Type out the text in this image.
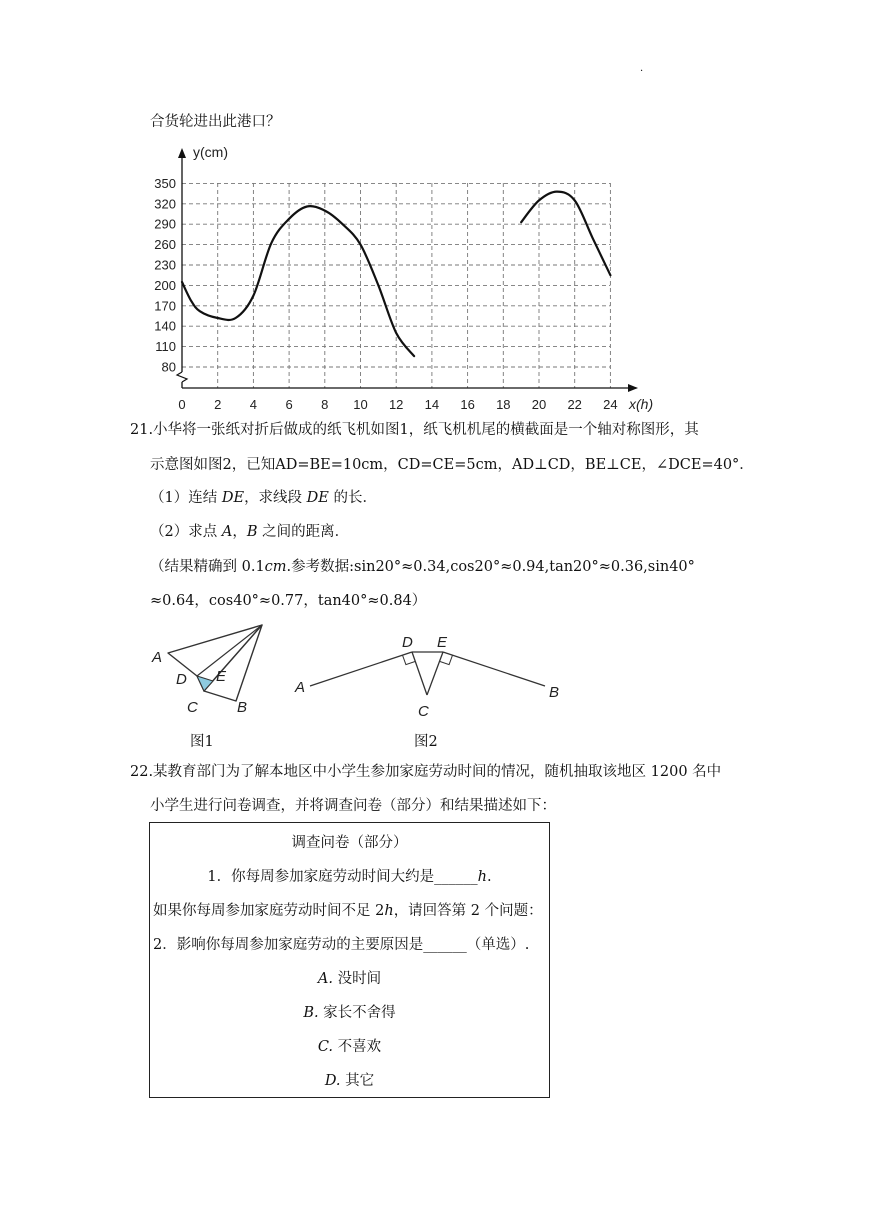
·
合货轮进出此港口？
80
110
140
170
200
230
260
290
320
350
0 2 4 6 8 10 12 14 16 18 20 22 24
y(cm)
x(h)
21.小华将一张纸对折后做成的纸飞机如图1，纸飞机机尾的横截面是一个轴对称图形，其
示意图如图2，已知AD=BE=10cm，CD=CE=5cm，AD⊥CD，BE⊥CE，∠DCE=40°．
（1）连结 DE，求线段 DE 的长．
（2）求点 A，B 之间的距离．
（结果精确到 0.1cm.参考数据:sin20°≈0.34,cos20°≈0.94,tan20°≈0.36,sin40°
≈0.64，cos40°≈0.77，tan40°≈0.84）
A
D E
C	B
图1
A
D E
C
B
图2
22.某教育部门为了解本地区中小学生参加家庭劳动时间的情况，随机抽取该地区 1200 名中
小学生进行问卷调查，并将调查问卷（部分）和结果描述如下：
调查问卷（部分）
1．你每周参加家庭劳动时间大约是______h.
如果你每周参加家庭劳动时间不足 2h，请回答第 2 个问题：
2．影响你每周参加家庭劳动的主要原因是______（单选）.
A. 没时间
B. 家长不舍得
C. 不喜欢
D. 其它
